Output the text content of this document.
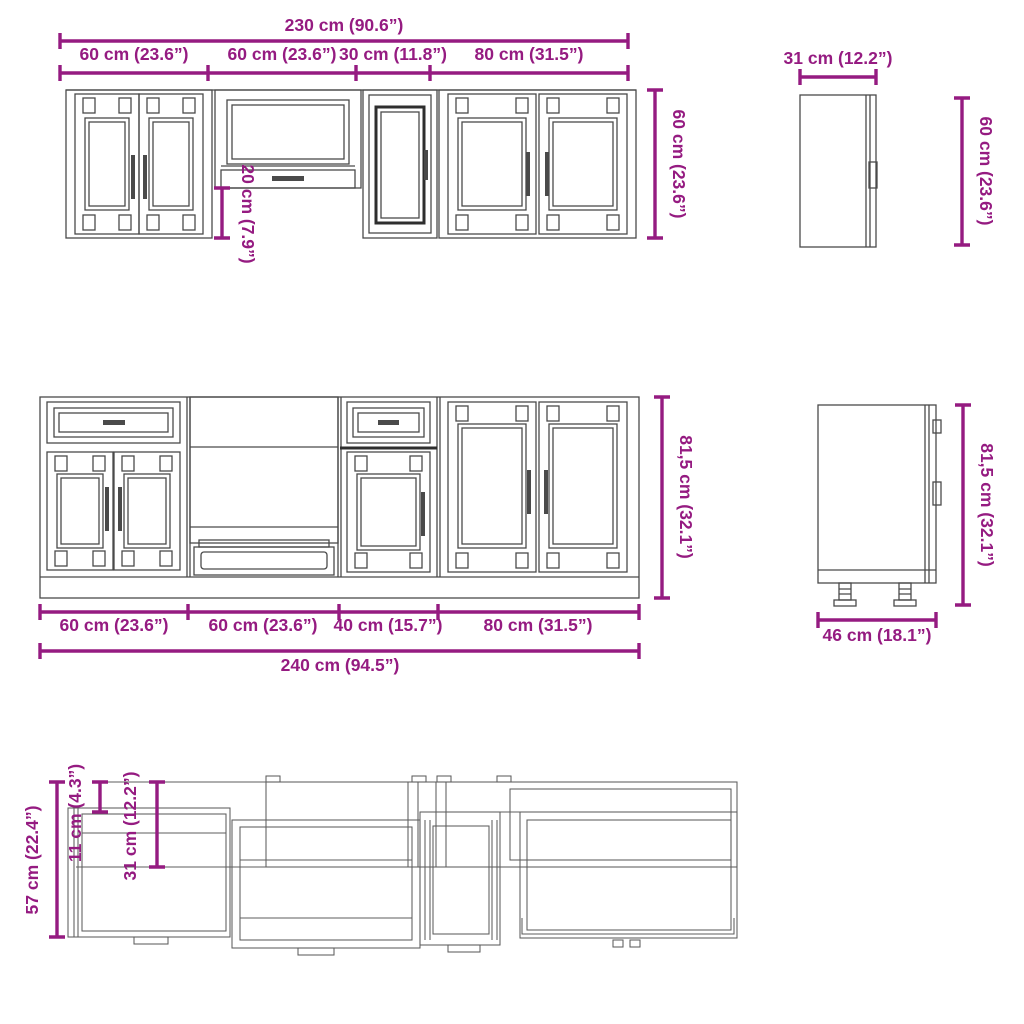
230 cm (90.6”)
60 cm (23.6”) 60 cm (23.6”) 30 cm (11.8”) 80 cm (31.5”)
60 cm (23.6”)
20 cm (7.9”)
31 cm (12.2”)
60 cm (23.6”)
81,5 cm (32.1”)
60 cm (23.6”) 60 cm (23.6”) 40 cm (15.7”) 80 cm (31.5”)
240 cm (94.5”)
46 cm (18.1”)
81,5 cm (32.1”)
57 cm (22.4”) 11 cm (4.3”) 31 cm (12.2”)
